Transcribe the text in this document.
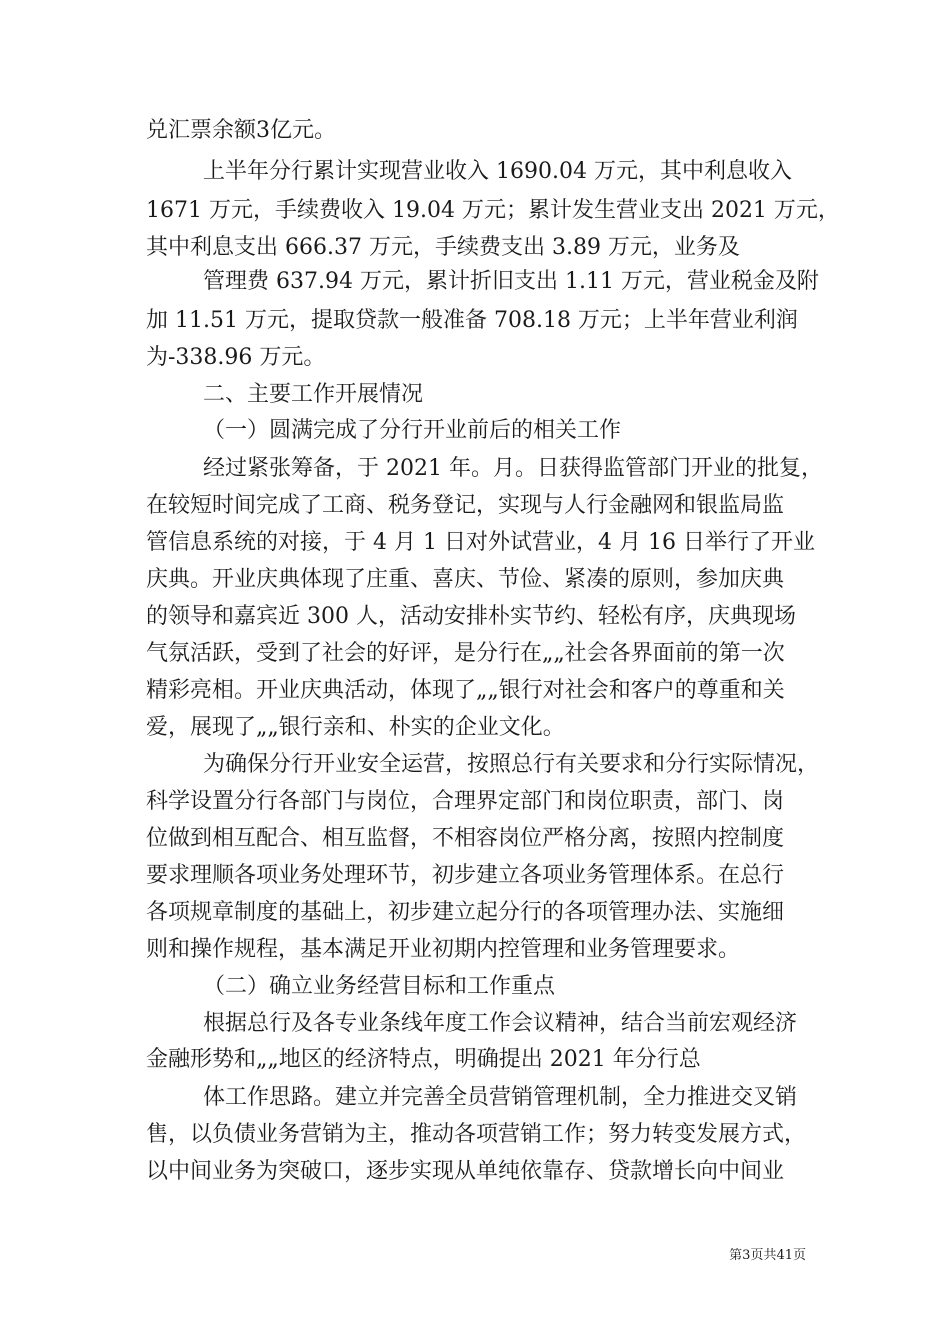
兑汇票余额3亿元。

上半年分行累计实现营业收入 1690.04 万元，其中利息收入

1671 万元，手续费收入 19.04 万元；累计发生营业支出 2021 万元，

其中利息支出 666.37 万元，手续费支出 3.89 万元，业务及

管理费 637.94 万元，累计折旧支出 1.11 万元，营业税金及附

加 11.51 万元，提取贷款一般准备 708.18 万元；上半年营业利润

为-338.96 万元。

二、主要工作开展情况

（一）圆满完成了分行开业前后的相关工作

经过紧张筹备，于 2021 年。月。日获得监管部门开业的批复，

在较短时间完成了工商、税务登记，实现与人行金融网和银监局监

管信息系统的对接，于 4 月 1 日对外试营业，4 月 16 日举行了开业

庆典。开业庆典体现了庄重、喜庆、节俭、紧凑的原则，参加庆典

的领导和嘉宾近 300 人，活动安排朴实节约、轻松有序，庆典现场

气氛活跃，受到了社会的好评，是分行在„„社会各界面前的第一次

精彩亮相。开业庆典活动，体现了„„银行对社会和客户的尊重和关

爱，展现了„„银行亲和、朴实的企业文化。

为确保分行开业安全运营，按照总行有关要求和分行实际情况，

科学设置分行各部门与岗位，合理界定部门和岗位职责，部门、岗

位做到相互配合、相互监督，不相容岗位严格分离，按照内控制度

要求理顺各项业务处理环节，初步建立各项业务管理体系。在总行

各项规章制度的基础上，初步建立起分行的各项管理办法、实施细

则和操作规程，基本满足开业初期内控管理和业务管理要求。

（二）确立业务经营目标和工作重点

根据总行及各专业条线年度工作会议精神，结合当前宏观经济

金融形势和„„地区的经济特点，明确提出 2021 年分行总

体工作思路。建立并完善全员营销管理机制，全力推进交叉销

售，以负债业务营销为主，推动各项营销工作；努力转变发展方式，

以中间业务为突破口，逐步实现从单纯依靠存、贷款增长向中间业

第3页共41页
